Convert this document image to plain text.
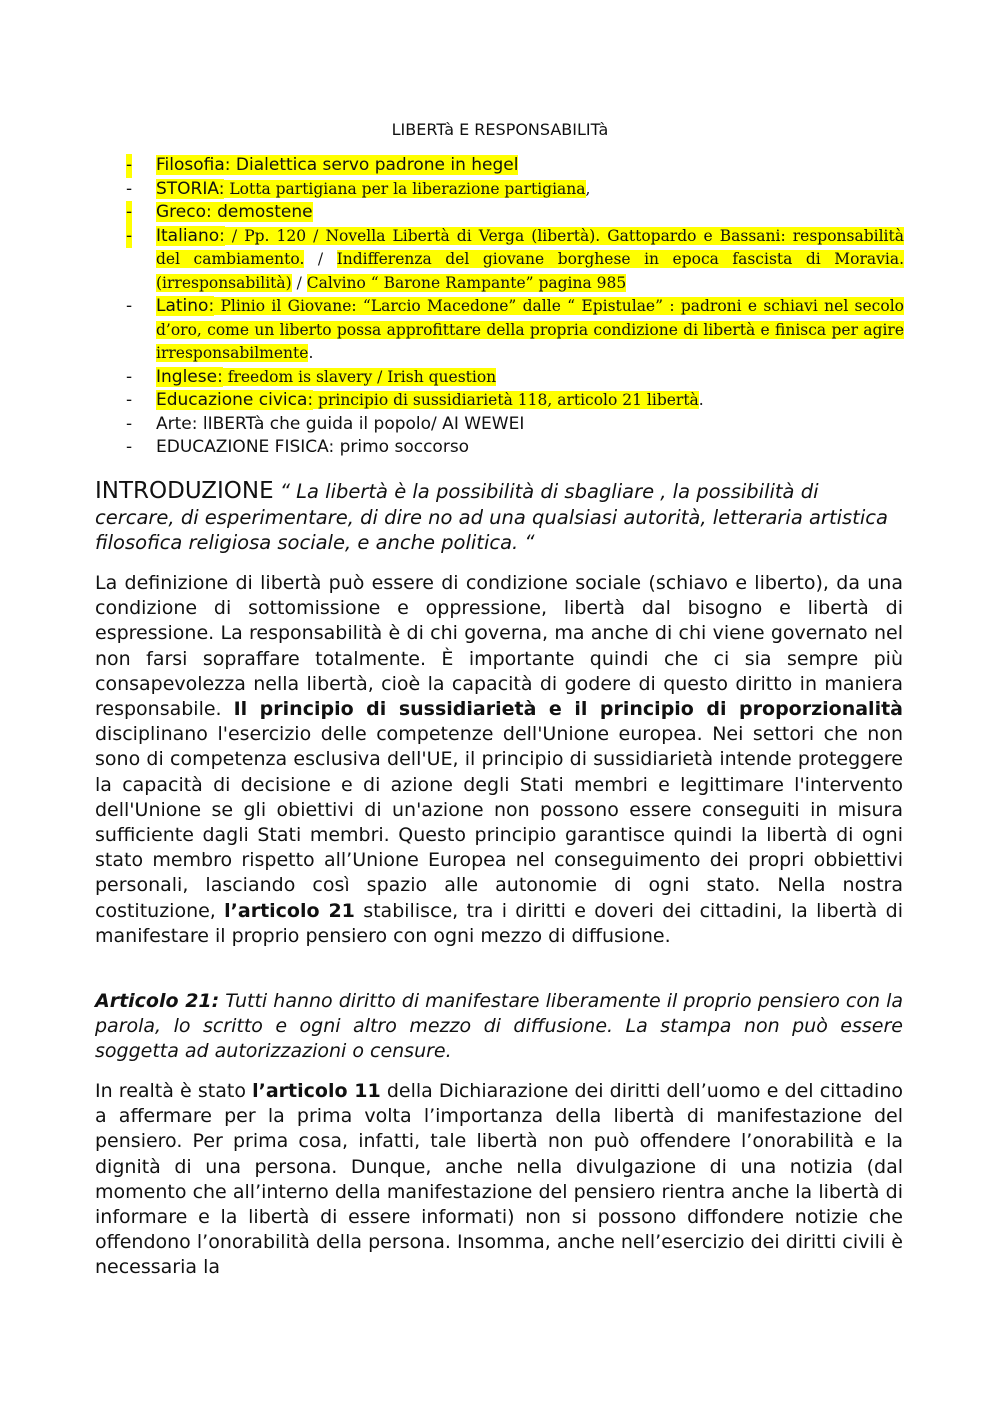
LIBERTà E RESPONSABILITà
- Filosofia: Dialettica servo padrone in hegel
- STORIA: Lotta partigiana per la liberazione partigiana,
- Greco: demostene
- Italiano: / Pp. 120 / Novella Libertà di Verga (libertà). Gattopardo e Bassani: responsabilità del cambiamento. / Indifferenza del giovane borghese in epoca fascista di Moravia. (irresponsabilità) / Calvino “ Barone Rampante” pagina 985
- Latino: Plinio il Giovane: “Larcio Macedone” dalle “ Epistulae” : padroni e schiavi nel secolo d’oro, come un liberto possa approfittare della propria condizione di libertà e finisca per agire irresponsabilmente.
- Inglese: freedom is slavery / Irish question
- Educazione civica: principio di sussidiarietà 118, articolo 21 libertà.
- Arte: lIBERTà che guida il popolo/ AI WEWEI
- EDUCAZIONE FISICA: primo soccorso

INTRODUZIONE “ La libertà è la possibilità di sbagliare , la possibilità di cercare, di esperimentare, di dire no ad una qualsiasi autorità, letteraria artistica filosofica religiosa sociale, e anche politica. “

La definizione di libertà può essere di condizione sociale (schiavo e liberto), da una condizione di sottomissione e oppressione, libertà dal bisogno e libertà di espressione. La responsabilità è di chi governa, ma anche di chi viene governato nel non farsi sopraffare totalmente. È importante quindi che ci sia sempre più consapevolezza nella libertà, cioè la capacità di godere di questo diritto in maniera responsabile. Il principio di sussidiarietà e il principio di proporzionalità disciplinano l'esercizio delle competenze dell'Unione europea. Nei settori che non sono di competenza esclusiva dell'UE, il principio di sussidiarietà intende proteggere la capacità di decisione e di azione degli Stati membri e legittimare l'intervento dell'Unione se gli obiettivi di un'azione non possono essere conseguiti in misura sufficiente dagli Stati membri. Questo principio garantisce quindi la libertà di ogni stato membro rispetto all’Unione Europea nel conseguimento dei propri obbiettivi personali, lasciando così spazio alle autonomie di ogni stato. Nella nostra costituzione, l’articolo 21 stabilisce, tra i diritti e doveri dei cittadini, la libertà di manifestare il proprio pensiero con ogni mezzo di diffusione.

Articolo 21: Tutti hanno diritto di manifestare liberamente il proprio pensiero con la parola, lo scritto e ogni altro mezzo di diffusione. La stampa non può essere soggetta ad autorizzazioni o censure.

In realtà è stato l’articolo 11 della Dichiarazione dei diritti dell’uomo e del cittadino a affermare per la prima volta l’importanza della libertà di manifestazione del pensiero. Per prima cosa, infatti, tale libertà non può offendere l’onorabilità e la dignità di una persona. Dunque, anche nella divulgazione di una notizia (dal momento che all’interno della manifestazione del pensiero rientra anche la libertà di informare e la libertà di essere informati) non si possono diffondere notizie che offendono l’onorabilità della persona. Insomma, anche nell’esercizio dei diritti civili è necessaria la
